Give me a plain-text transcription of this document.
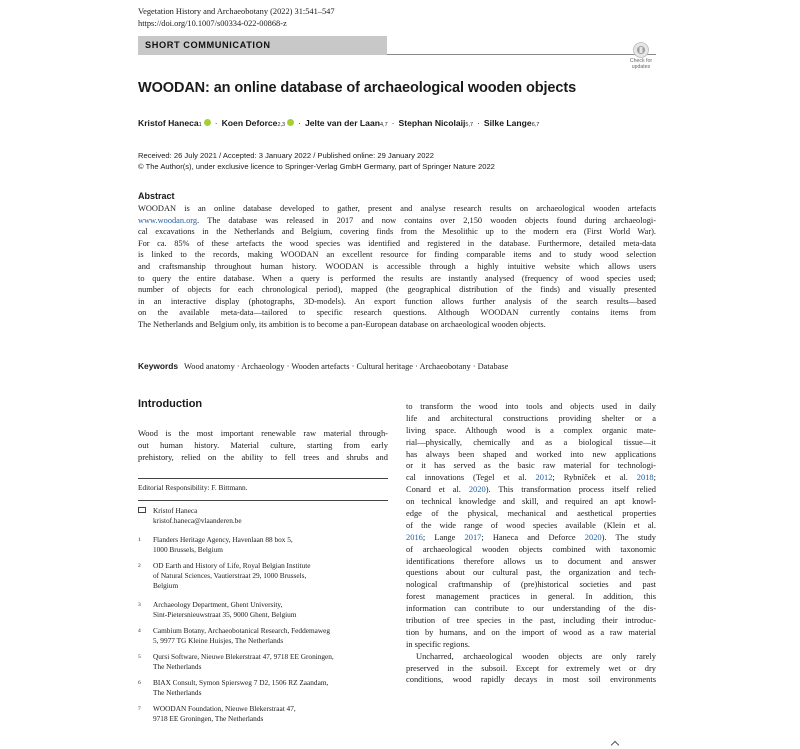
Vegetation History and Archaeobotany (2022) 31:541–547
https://doi.org/10.1007/s00334-022-00868-z
SHORT COMMUNICATION
Check for updates
WOODAN: an online database of archaeological wooden objects
Kristof Haneca$_1$	· Koen Deforce$_{2,3}$	· Jelte van der Laan$_{4,7}$ · Stephan Nicolaij$_{5,7}$ · Silke Lange$_{6,7}$
Received: 26 July 2021 / Accepted: 3 January 2022 / Published online: 29 January 2022
© The Author(s), under exclusive licence to Springer-Verlag GmbH Germany, part of Springer Nature 2022
Abstract
WOODAN is an online database developed to gather, present and analyse research results on archaeological wooden artefacts
www.woodan.org. The database was released in 2017 and now contains over 2,150 wooden objects found during archaeologi-
cal excavations in the Netherlands and Belgium, covering finds from the Mesolithic up to the modern era (First World War).
For ca. 85% of these artefacts the wood species was identified and registered in the database. Furthermore, detailed meta-data
is linked to the records, making WOODAN an excellent resource for finding comparable items and to study wood selection
and craftsmanship throughout human history. WOODAN is accessible through a highly intuitive website which allows users
to query the entire database. When a query is performed the results are instantly analysed (frequency of wood species used;
number of objects for each chronological period), mapped (the geographical distribution of the finds) and visually presented
in an interactive display (photographs, 3D-models). An export function allows further analysis of the search results—based
on the available meta-data—tailored to specific research questions. Although WOODAN currently contains items from
The Netherlands and Belgium only, its ambition is to become a pan-European database on archaeological wooden objects.
Keywords Wood anatomy · Archaeology · Wooden artefacts · Cultural heritage · Archaeobotany · Database
Introduction
Wood is the most important renewable raw material through-
out human history. Material culture, starting from early
prehistory, relied on the ability to fell trees and shrubs and
to transform the wood into tools and objects used in daily
life and architectural constructions providing shelter or a
living space. Although wood is a complex organic mate-
rial—physically, chemically and as a biological tissue—it
has always been shaped and worked into new applications
or it has served as the basic raw material for technologi-
cal innovations (Tegel et al. 2012; Rybníček et al. 2018;
Conard et al. 2020). This transformation process itself relied
on technical knowledge and skill, and required an apt knowl-
edge of the physical, mechanical and aesthetical properties
of the wide range of wood species available (Klein et al.
2016; Lange 2017; Haneca and Deforce 2020). The study
of archaeological wooden objects combined with taxonomic
identifications therefore allows us to document and answer
questions about our cultural past, the organization and tech-
nological craftmanship of (pre)historical societies and past
forest management practices in general. In addition, this
information can contribute to our understanding of the dis-
tribution of tree species in the past, including their introduc-
tion by humans, and on the import of wood as a raw material
in specific regions.
Uncharred, archaeological wooden objects are only rarely
preserved in the subsoil. Except for extremely wet or dry
conditions, wood rapidly decays in most soil environments
Editorial Responsibility: F. Bittmann.
Kristof Haneca
kristof.haneca@vlaanderen.be
1 Flanders Heritage Agency, Havenlaan 88 box 5,
1000 Brussels, Belgium
2 OD Earth and History of Life, Royal Belgian Institute
of Natural Sciences, Vautierstraat 29, 1000 Brussels,
Belgium
3 Archaeology Department, Ghent University,
Sint-Pietersnieuwstraat 35, 9000 Ghent, Belgium
4 Cambium Botany, Archaeobotanical Research, Feddemaweg
5, 9977 TG Kleine Huisjes, The Netherlands
5 Qursi Software, Nieuwe Blekerstraat 47, 9718 EE Groningen,
The Netherlands
6 BIAX Consult, Symon Spiersweg 7 D2, 1506 RZ Zaandam,
The Netherlands
7 WOODAN Foundation, Nieuwe Blekerstraat 47,
9718 EE Groningen, The Netherlands
